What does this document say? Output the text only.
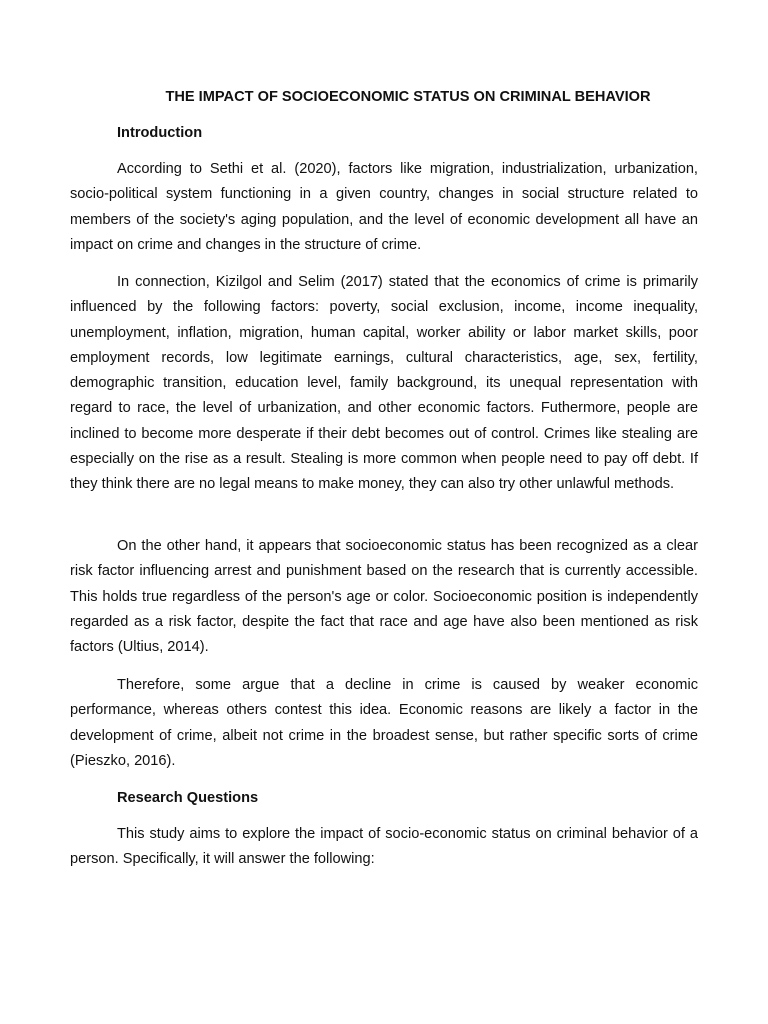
THE IMPACT OF SOCIOECONOMIC STATUS ON CRIMINAL BEHAVIOR
Introduction

According to Sethi et al. (2020), factors like migration, industrialization, urbanization, socio-political system functioning in a given country, changes in social structure related to members of the society's aging population, and the level of economic development all have an impact on crime and changes in the structure of crime.

In connection, Kizilgol and Selim (2017) stated that the economics of crime is primarily influenced by the following factors: poverty, social exclusion, income, income inequality, unemployment, inflation, migration, human capital, worker ability or labor market skills, poor employment records, low legitimate earnings, cultural characteristics, age, sex, fertility, demographic transition, education level, family background, its unequal representation with regard to race, the level of urbanization, and other economic factors. Futhermore, people are inclined to become more desperate if their debt becomes out of control. Crimes like stealing are especially on the rise as a result. Stealing is more common when people need to pay off debt. If they think there are no legal means to make money, they can also try other unlawful methods.

On the other hand, it appears that socioeconomic status has been recognized as a clear risk factor influencing arrest and punishment based on the research that is currently accessible. This holds true regardless of the person's age or color. Socioeconomic position is independently regarded as a risk factor, despite the fact that race and age have also been mentioned as risk factors (Ultius, 2014).

Therefore, some argue that a decline in crime is caused by weaker economic performance, whereas others contest this idea. Economic reasons are likely a factor in the development of crime, albeit not crime in the broadest sense, but rather specific sorts of crime (Pieszko, 2016).

Research Questions

This study aims to explore the impact of socio-economic status on criminal behavior of a person. Specifically, it will answer the following:
